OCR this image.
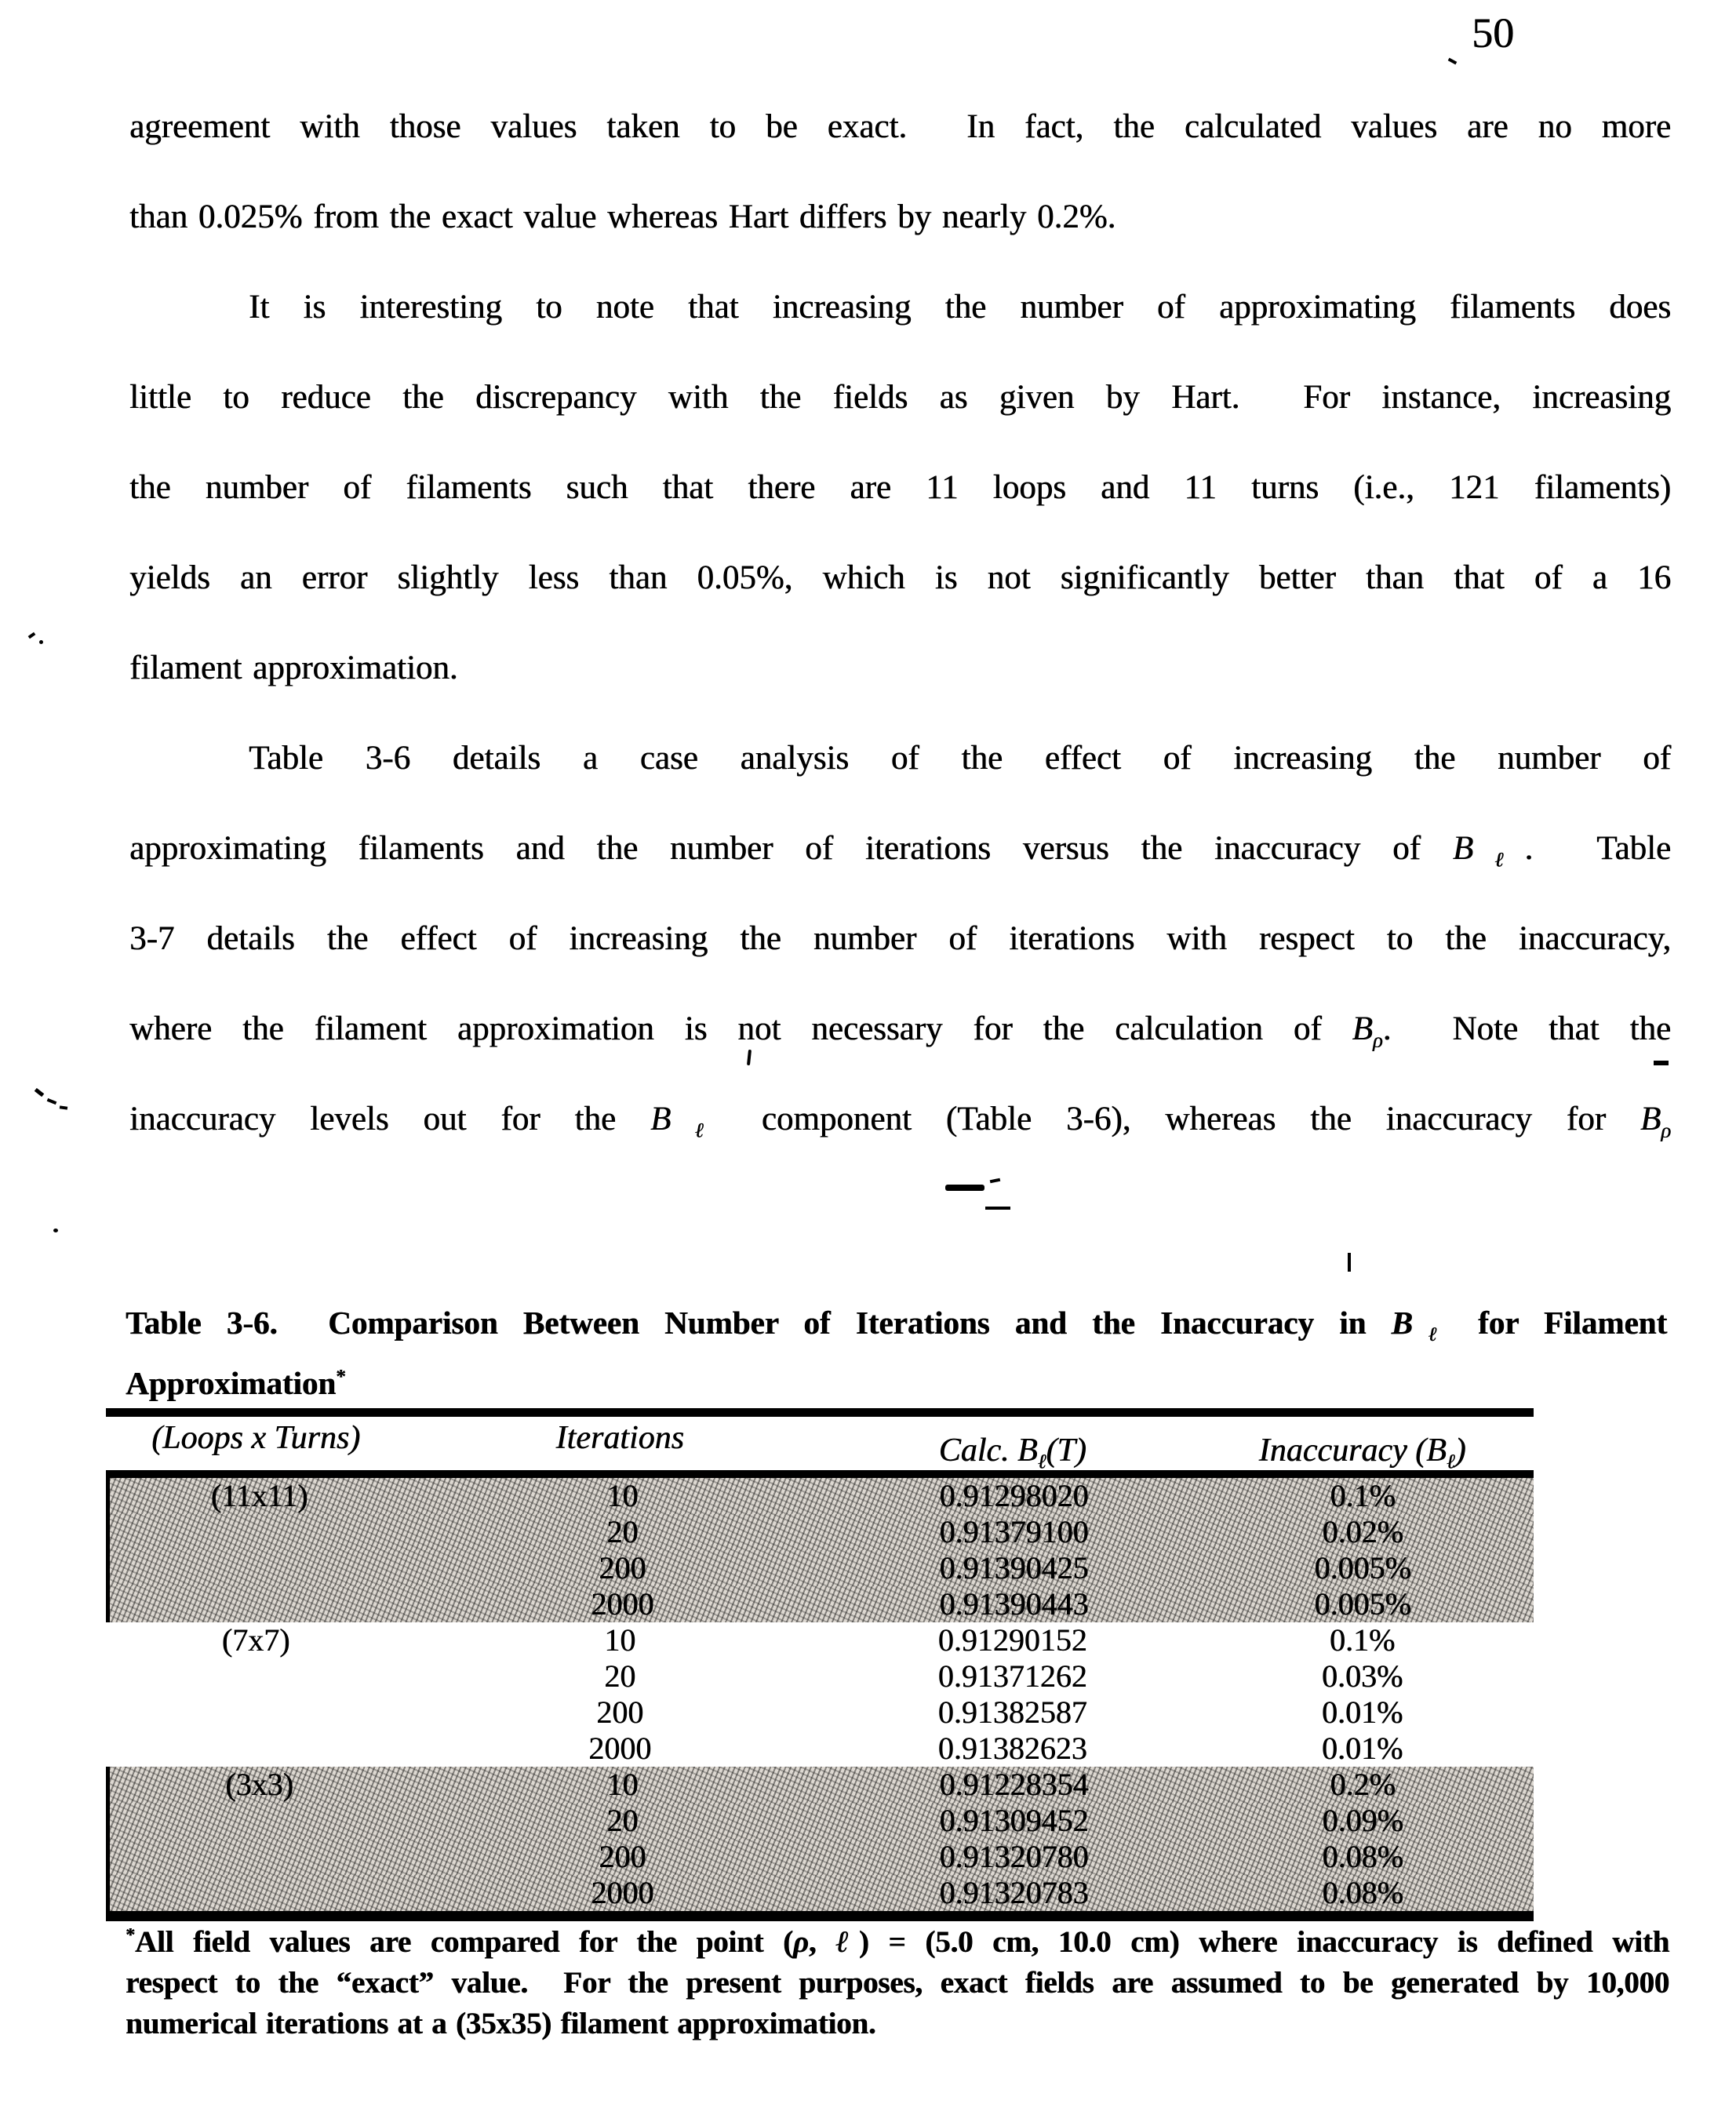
50
agreement with those values taken to be exact.  In fact, the calculated values are no more
than 0.025% from the exact value whereas Hart differs by nearly 0.2%.
It is interesting to note that increasing the number of approximating filaments does
little to reduce the discrepancy with the fields as given by Hart.  For instance, increasing
the number of filaments such that there are 11 loops and 11 turns (i.e., 121 filaments)
yields an error slightly less than 0.05%, which is not significantly better than that of a 16
filament approximation.
Table 3-6 details a case analysis of the effect of increasing the number of
approximating filaments and the number of iterations versus the inaccuracy of $B_\ell$.  Table
3-7 details the effect of increasing the number of iterations with respect to the inaccuracy,
where the filament approximation is not necessary for the calculation of $B_\rho$.  Note that the
inaccuracy levels out for the $B_\ell$ component (Table 3-6), whereas the inaccuracy for $B_\rho$
Table 3-6.  Comparison Between Number of Iterations and the Inaccuracy in $B_\ell$ for Filament
Approximation*
(Loops x Turns)	Iterations	Calc. $B_\ell(T)$	Inaccuracy $(B_\ell)$
(11x11)	10	0.91298020	0.1%
20	0.91379100	0.02%
200	0.91390425	0.005%
2000	0.91390443	0.005%
(7x7)	10	0.91290152	0.1%
20	0.91371262	0.03%
200	0.91382587	0.01%
2000	0.91382623	0.01%
(3x3)	10	0.91228354	0.2%
20	0.91309452	0.09%
200	0.91320780	0.08%
2000	0.91320783	0.08%
*All field values are compared for the point (ρ, ℓ) = (5.0 cm, 10.0 cm) where inaccuracy is defined with
respect to the “exact” value.  For the present purposes, exact fields are assumed to be generated by 10,000
numerical iterations at a (35x35) filament approximation.
